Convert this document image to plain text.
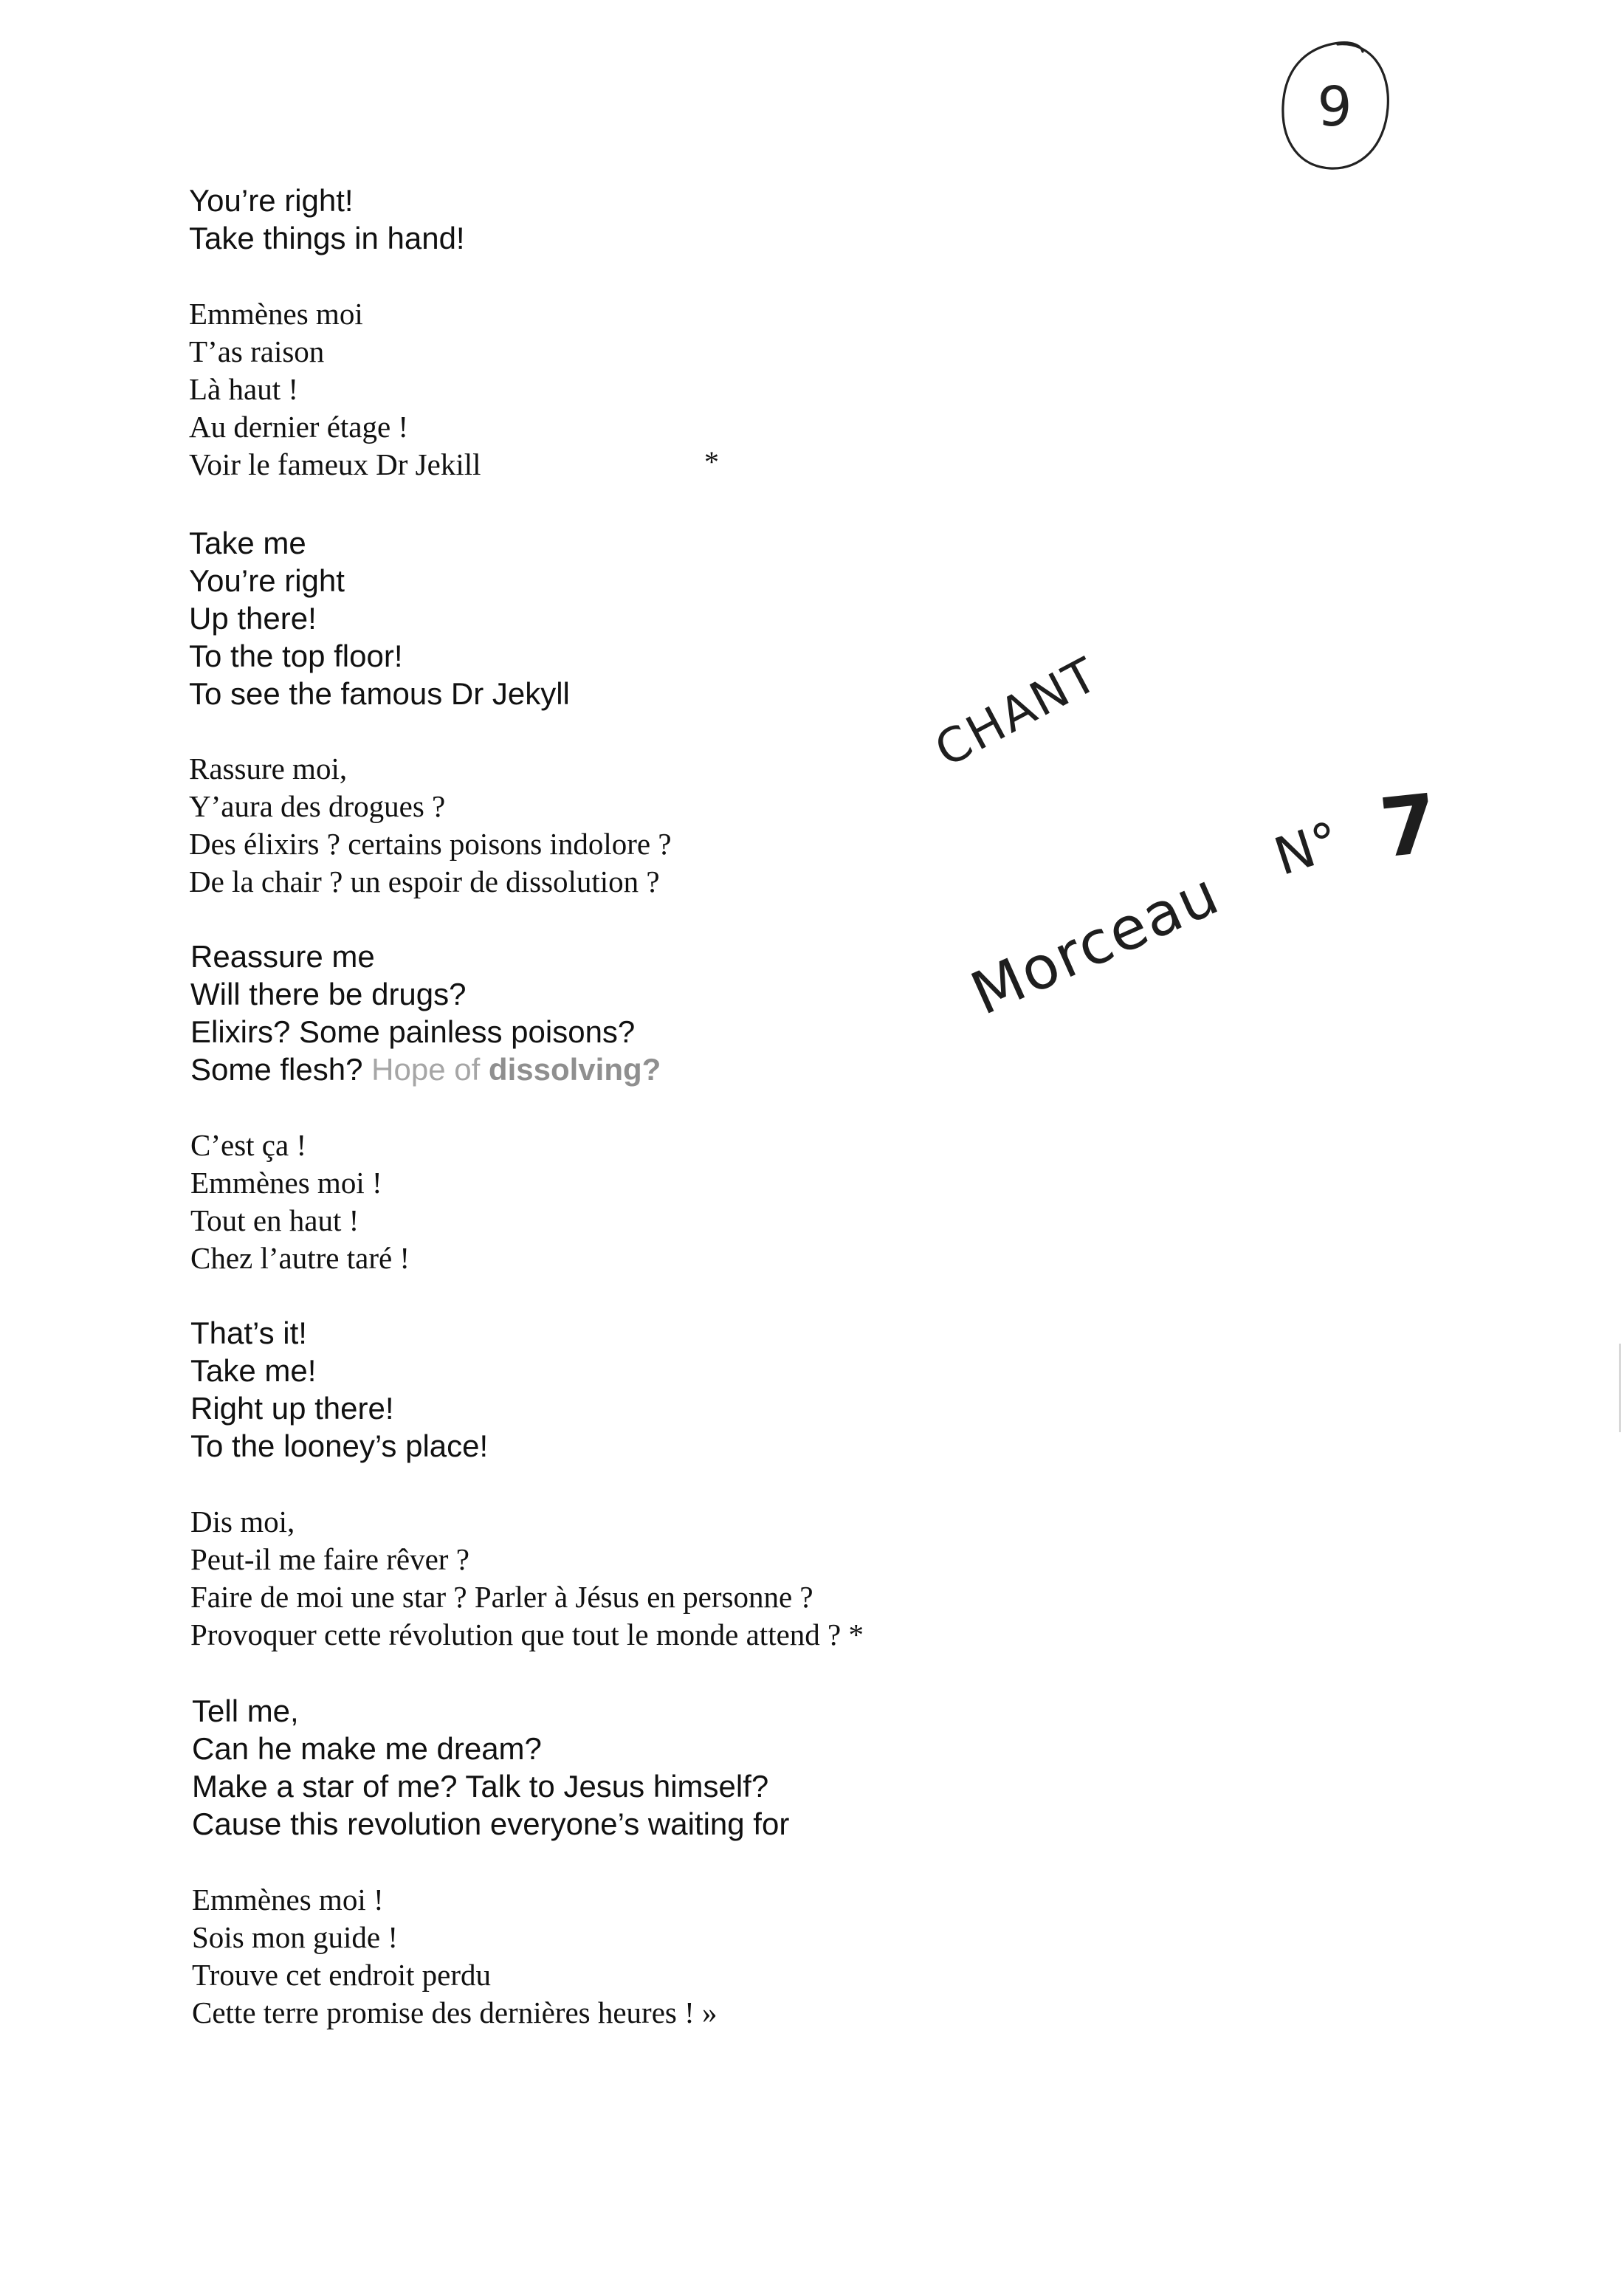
9
You’re right!
Take things in hand!
Emmènes moi
T’as raison
Là haut !
Au dernier étage !
Voir le fameux Dr Jekill	*
Take me
You’re right
Up there!
To the top floor!
To see the famous Dr Jekyll
Rassure moi,
Y’aura des drogues ?
Des élixirs ? certains poisons indolore ?
De la chair ? un espoir de dissolution ?
Reassure me
Will there be drugs?
Elixirs? Some painless poisons?
Some flesh? Hope of dissolving?
C’est ça !
Emmènes moi !
Tout en haut !
Chez l’autre taré !
That’s it!
Take me!
Right up there!
To the looney’s place!
Dis moi,
Peut-il me faire rêver ?
Faire de moi une star ? Parler à Jésus en personne ?
Provoquer cette révolution que tout le monde attend ? *
Tell me,
Can he make me dream?
Make a star of me? Talk to Jesus himself?
Cause this revolution everyone’s waiting for
Emmènes moi !
Sois mon guide !
Trouve cet endroit perdu
Cette terre promise des dernières heures ! »
CHANT
Morceau
N° 7
